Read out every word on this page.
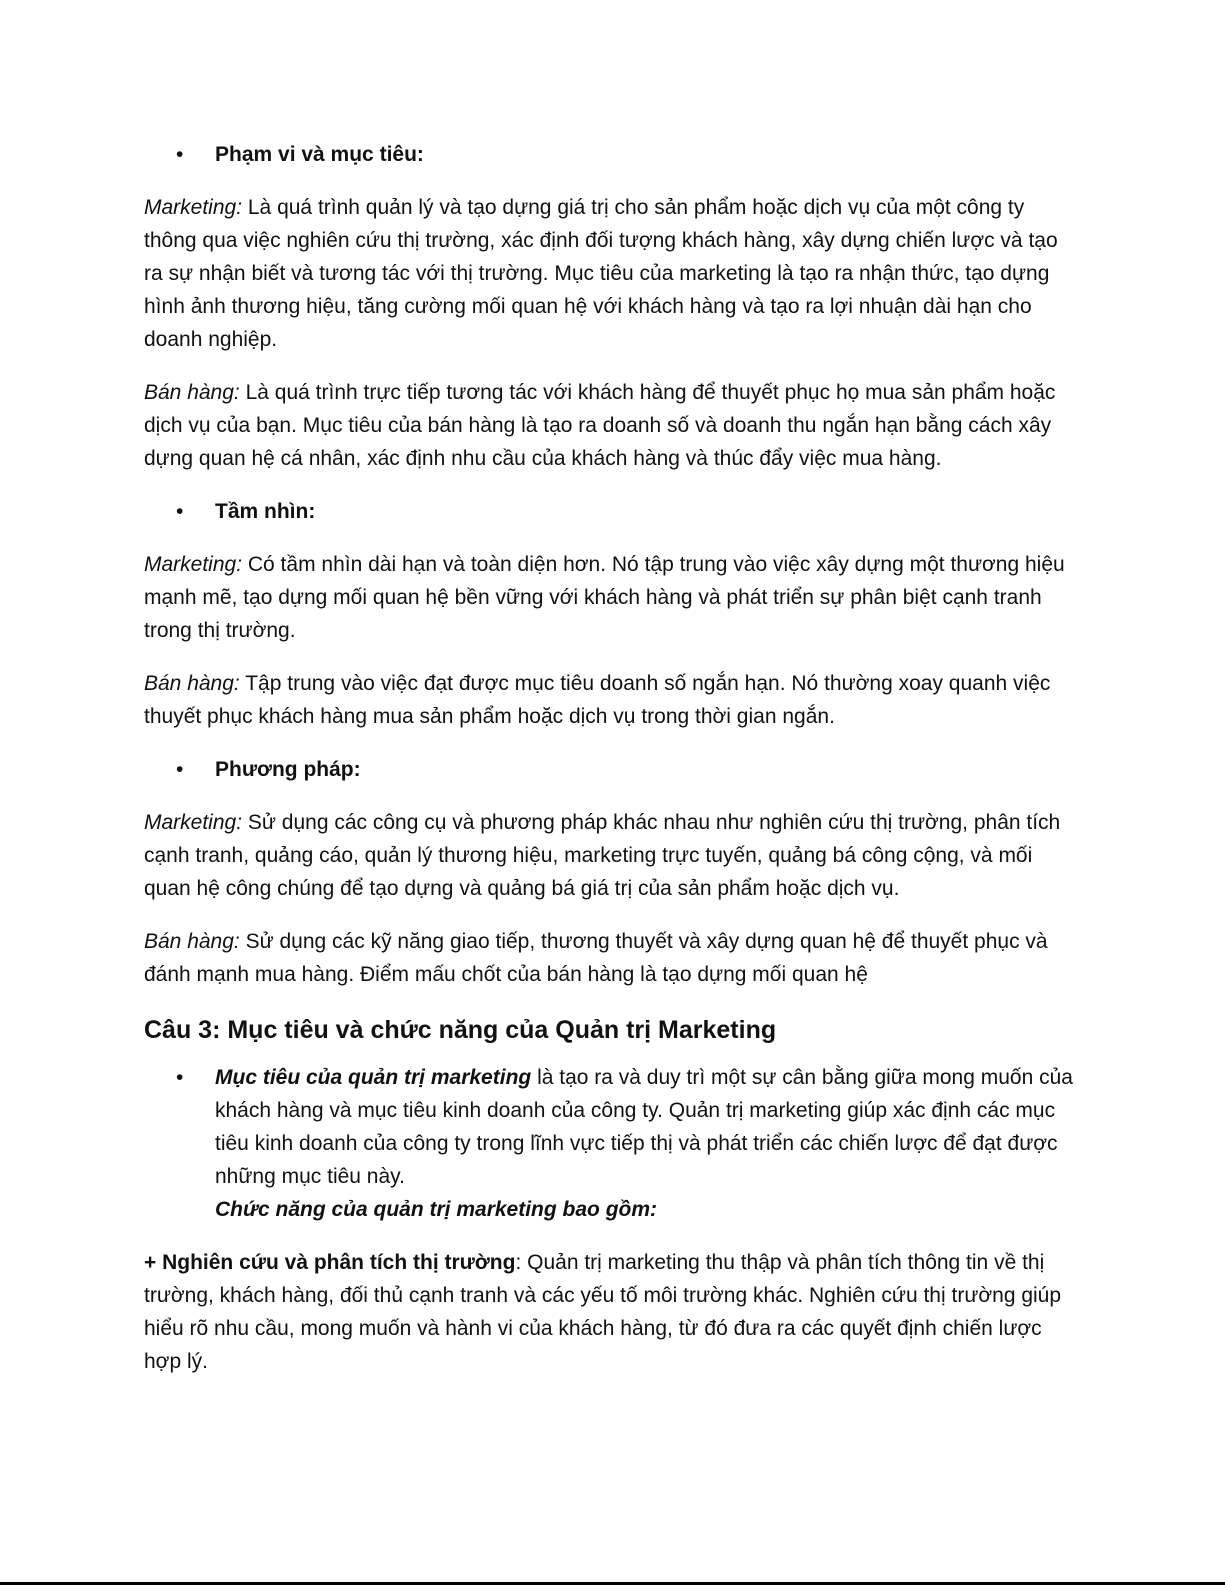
• Phạm vi và mục tiêu:

Marketing: Là quá trình quản lý và tạo dựng giá trị cho sản phẩm hoặc dịch vụ của một công ty thông qua việc nghiên cứu thị trường, xác định đối tượng khách hàng, xây dựng chiến lược và tạo ra sự nhận biết và tương tác với thị trường. Mục tiêu của marketing là tạo ra nhận thức, tạo dựng hình ảnh thương hiệu, tăng cường mối quan hệ với khách hàng và tạo ra lợi nhuận dài hạn cho doanh nghiệp.

Bán hàng: Là quá trình trực tiếp tương tác với khách hàng để thuyết phục họ mua sản phẩm hoặc dịch vụ của bạn. Mục tiêu của bán hàng là tạo ra doanh số và doanh thu ngắn hạn bằng cách xây dựng quan hệ cá nhân, xác định nhu cầu của khách hàng và thúc đẩy việc mua hàng.

• Tầm nhìn:

Marketing: Có tầm nhìn dài hạn và toàn diện hơn. Nó tập trung vào việc xây dựng một thương hiệu mạnh mẽ, tạo dựng mối quan hệ bền vững với khách hàng và phát triển sự phân biệt cạnh tranh trong thị trường.

Bán hàng: Tập trung vào việc đạt được mục tiêu doanh số ngắn hạn. Nó thường xoay quanh việc thuyết phục khách hàng mua sản phẩm hoặc dịch vụ trong thời gian ngắn.

• Phương pháp:

Marketing: Sử dụng các công cụ và phương pháp khác nhau như nghiên cứu thị trường, phân tích cạnh tranh, quảng cáo, quản lý thương hiệu, marketing trực tuyến, quảng bá công cộng, và mối quan hệ công chúng để tạo dựng và quảng bá giá trị của sản phẩm hoặc dịch vụ.

Bán hàng: Sử dụng các kỹ năng giao tiếp, thương thuyết và xây dựng quan hệ để thuyết phục và đánh mạnh mua hàng. Điểm mấu chốt của bán hàng là tạo dựng mối quan hệ

Câu 3: Mục tiêu và chức năng của Quản trị Marketing
• Mục tiêu của quản trị marketing là tạo ra và duy trì một sự cân bằng giữa mong muốn của khách hàng và mục tiêu kinh doanh của công ty. Quản trị marketing giúp xác định các mục tiêu kinh doanh của công ty trong lĩnh vực tiếp thị và phát triển các chiến lược để đạt được những mục tiêu này.
Chức năng của quản trị marketing bao gồm:

+ Nghiên cứu và phân tích thị trường: Quản trị marketing thu thập và phân tích thông tin về thị trường, khách hàng, đối thủ cạnh tranh và các yếu tố môi trường khác. Nghiên cứu thị trường giúp hiểu rõ nhu cầu, mong muốn và hành vi của khách hàng, từ đó đưa ra các quyết định chiến lược hợp lý.
